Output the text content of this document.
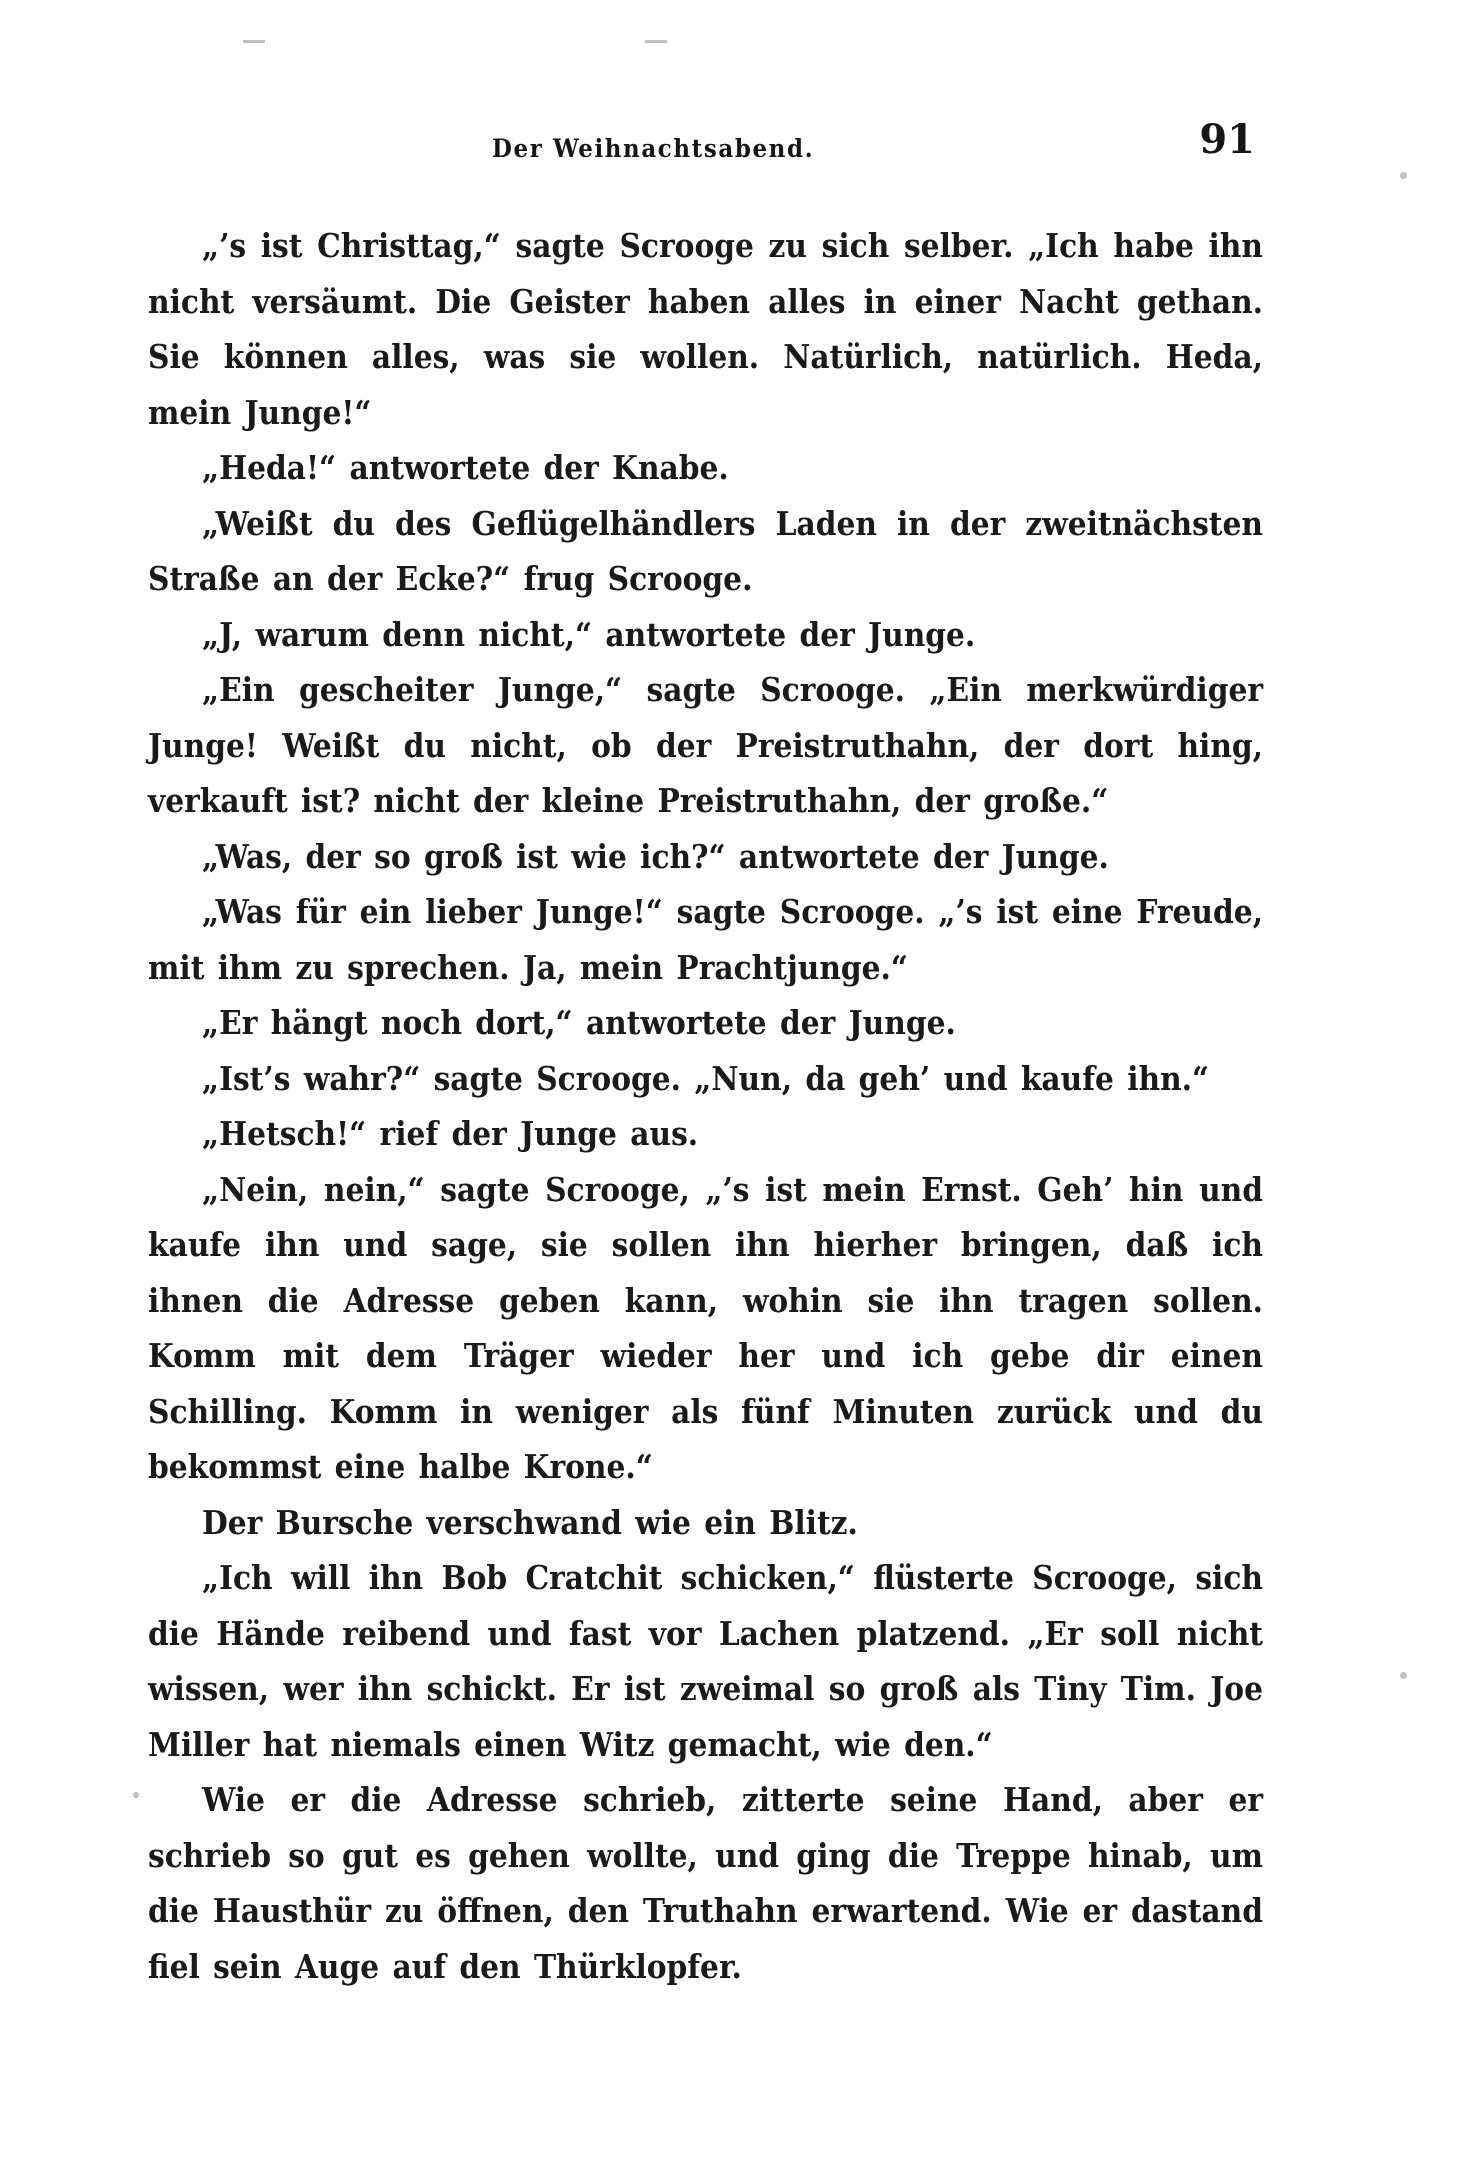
Der Weihnachtsabend.	91

„’s ist Christtag,“ sagte Scrooge zu sich selber. „Ich habe ihn nicht versäumt. Die Geister haben alles in einer Nacht gethan. Sie können alles, was sie wollen. Natürlich, natürlich. Heda, mein Junge!“

„Heda!“ antwortete der Knabe.

„Weißt du des Geflügelhändlers Laden in der zweitnächsten Straße an der Ecke?“ frug Scrooge.

„J, warum denn nicht,“ antwortete der Junge.

„Ein gescheiter Junge,“ sagte Scrooge. „Ein merkwürdiger Junge! Weißt du nicht, ob der Preistruthahn, der dort hing, verkauft ist? nicht der kleine Preistruthahn, der große.“

„Was, der so groß ist wie ich?“ antwortete der Junge.

„Was für ein lieber Junge!“ sagte Scrooge. „’s ist eine Freude, mit ihm zu sprechen. Ja, mein Prachtjunge.“

„Er hängt noch dort,“ antwortete der Junge.

„Ist’s wahr?“ sagte Scrooge. „Nun, da geh’ und kaufe ihn.“

„Hetsch!“ rief der Junge aus.

„Nein, nein,“ sagte Scrooge, „’s ist mein Ernst. Geh’ hin und kaufe ihn und sage, sie sollen ihn hierher bringen, daß ich ihnen die Adresse geben kann, wohin sie ihn tragen sollen. Komm mit dem Träger wieder her und ich gebe dir einen Schilling. Komm in weniger als fünf Minuten zurück und du bekommst eine halbe Krone.“

Der Bursche verschwand wie ein Blitz.

„Ich will ihn Bob Cratchit schicken,“ flüsterte Scrooge, sich die Hände reibend und fast vor Lachen platzend. „Er soll nicht wissen, wer ihn schickt. Er ist zweimal so groß als Tiny Tim. Joe Miller hat niemals einen Witz gemacht, wie den.“

Wie er die Adresse schrieb, zitterte seine Hand, aber er schrieb so gut es gehen wollte, und ging die Treppe hinab, um die Hausthür zu öffnen, den Truthahn erwartend. Wie er dastand fiel sein Auge auf den Thürklopfer.
